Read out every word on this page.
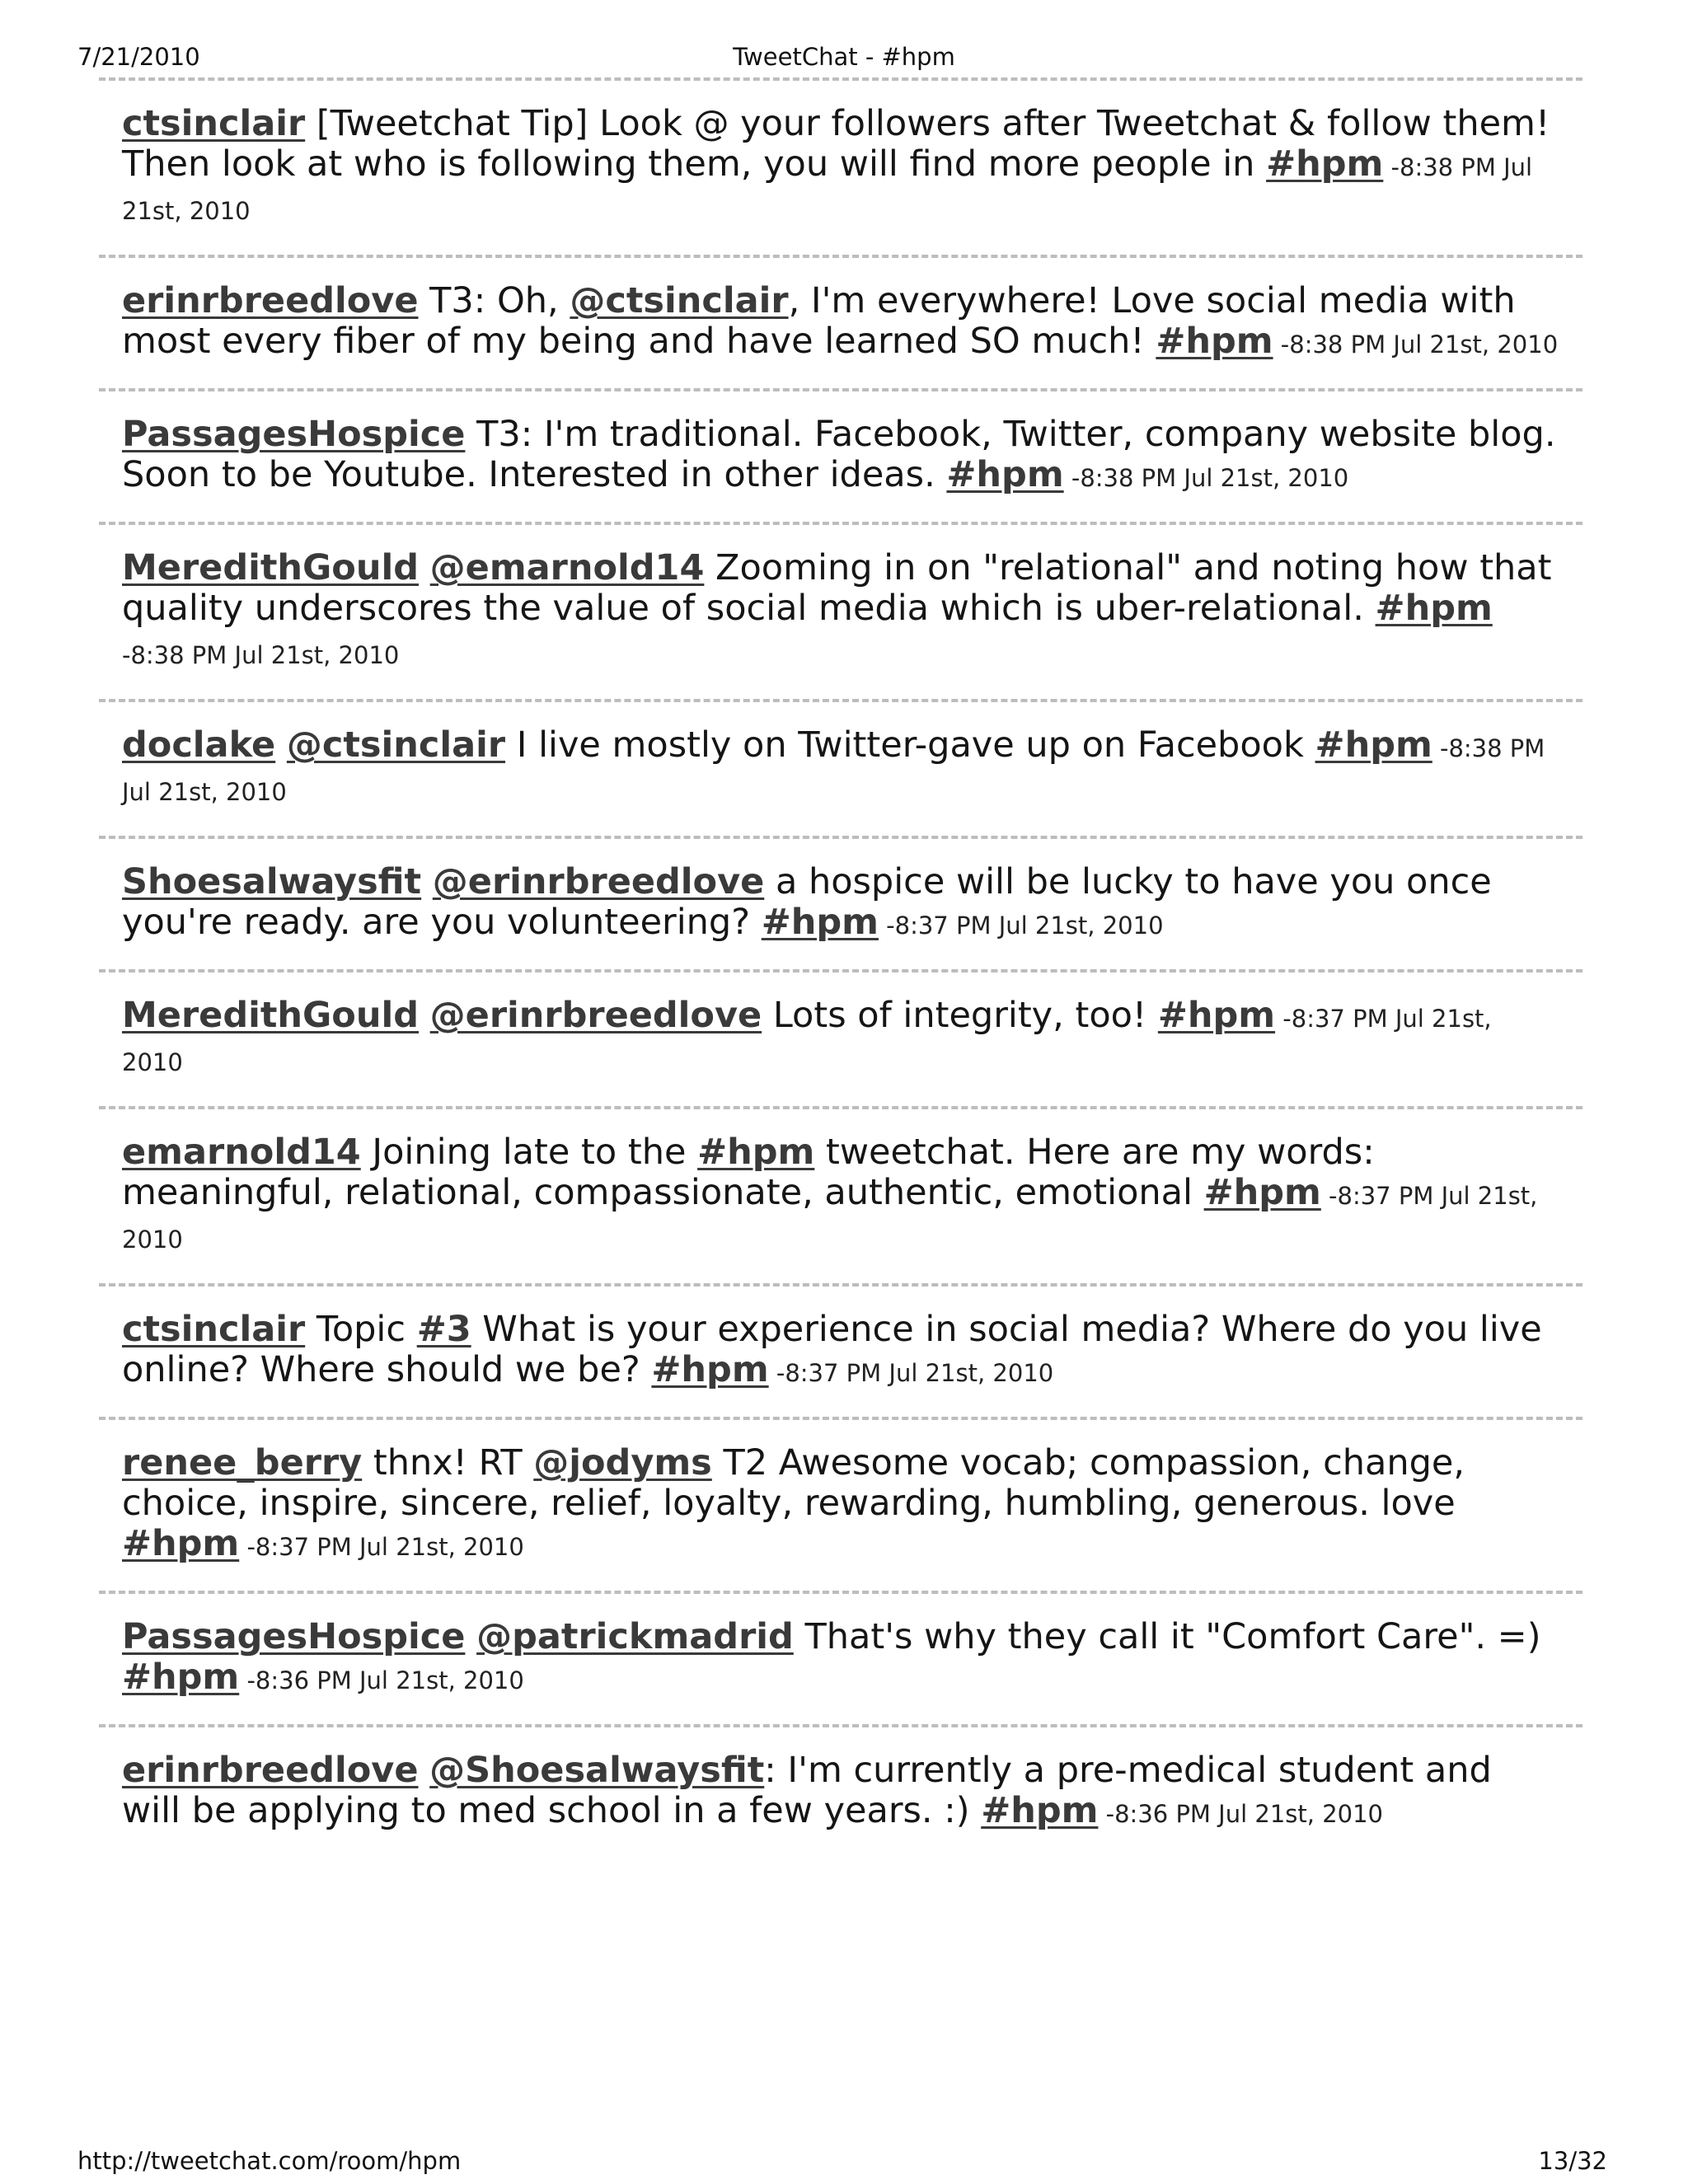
7/21/2010	TweetChat - #hpm
ctsinclair [Tweetchat Tip] Look @ your followers after Tweetchat & follow them! Then look at who is following them, you will find more people in #hpm -8:38 PM Jul 21st, 2010
erinrbreedlove T3: Oh, @ctsinclair, I'm everywhere! Love social media with most every fiber of my being and have learned SO much! #hpm -8:38 PM Jul 21st, 2010
PassagesHospice T3: I'm traditional. Facebook, Twitter, company website blog. Soon to be Youtube. Interested in other ideas. #hpm -8:38 PM Jul 21st, 2010
MeredithGould @emarnold14 Zooming in on "relational" and noting how that quality underscores the value of social media which is uber-relational. #hpm -8:38 PM Jul 21st, 2010
doclake @ctsinclair I live mostly on Twitter-gave up on Facebook #hpm -8:38 PM Jul 21st, 2010
Shoesalwaysfit @erinrbreedlove a hospice will be lucky to have you once you're ready. are you volunteering? #hpm -8:37 PM Jul 21st, 2010
MeredithGould @erinrbreedlove Lots of integrity, too! #hpm -8:37 PM Jul 21st, 2010
emarnold14 Joining late to the #hpm tweetchat. Here are my words: meaningful, relational, compassionate, authentic, emotional #hpm -8:37 PM Jul 21st, 2010
ctsinclair Topic #3 What is your experience in social media? Where do you live online? Where should we be? #hpm -8:37 PM Jul 21st, 2010
renee_berry thnx! RT @jodyms T2 Awesome vocab; compassion, change, choice, inspire, sincere, relief, loyalty, rewarding, humbling, generous. love #hpm -8:37 PM Jul 21st, 2010
PassagesHospice @patrickmadrid That's why they call it "Comfort Care". =) #hpm -8:36 PM Jul 21st, 2010
erinrbreedlove @Shoesalwaysfit: I'm currently a pre-medical student and will be applying to med school in a few years. :) #hpm -8:36 PM Jul 21st, 2010
http://tweetchat.com/room/hpm	13/32
